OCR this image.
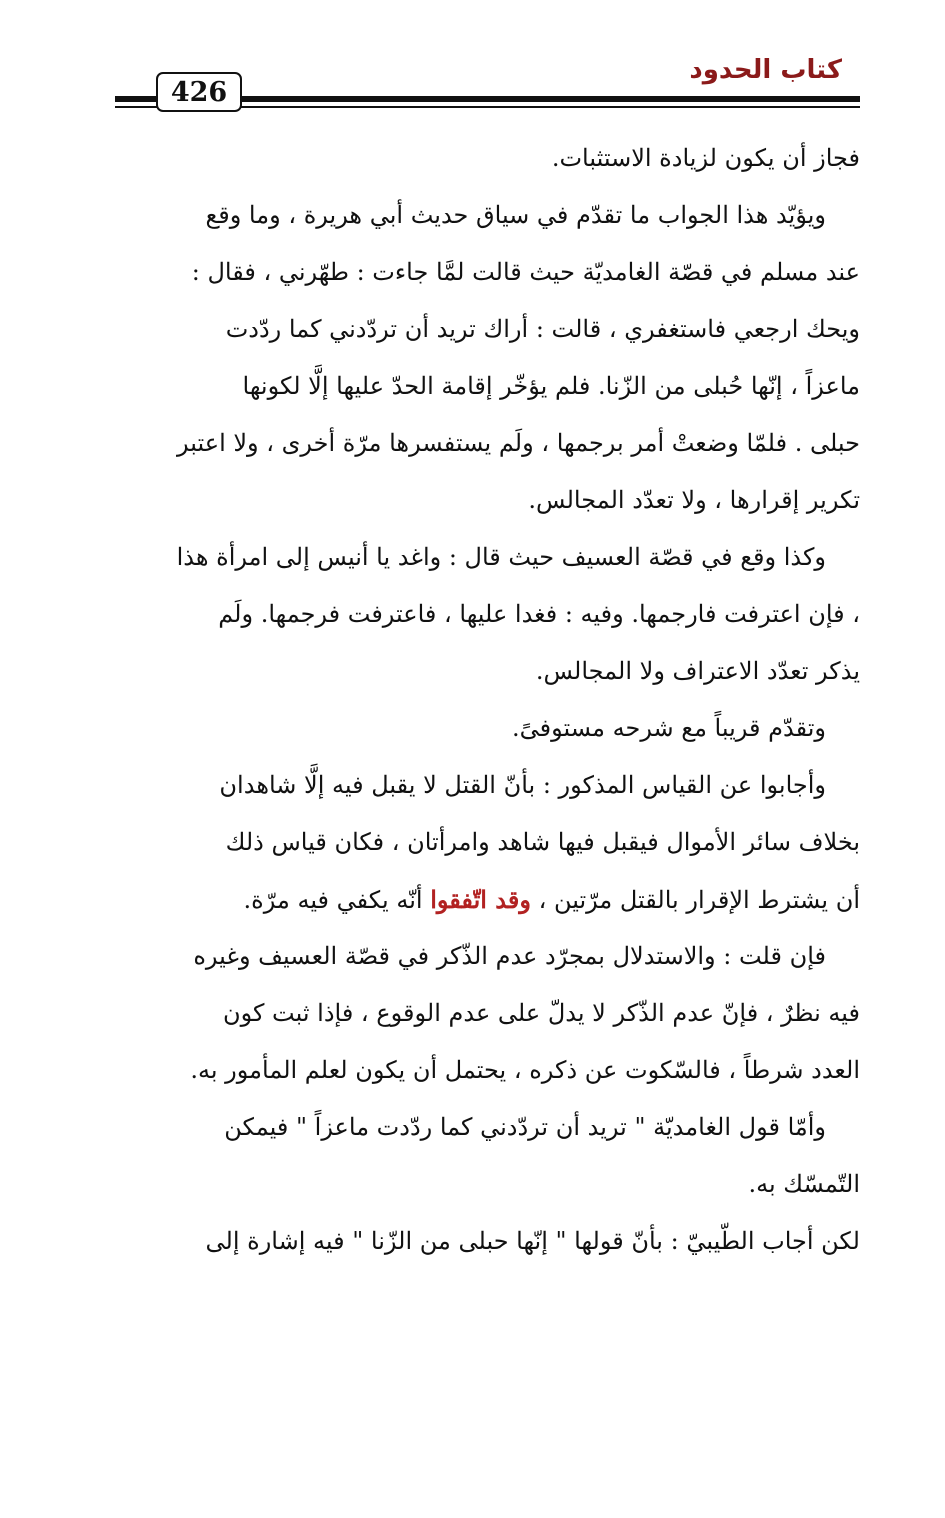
كتاب الحدود
426
فجاز أن يكون لزيادة الاستثبات.
ويؤيّد هذا الجواب ما تقدّم في سياق حديث أبي هريرة ، وما وقع
عند مسلم في قصّة الغامديّة حيث قالت لمَّا جاءت : طهّرني ، فقال :
ويحك ارجعي فاستغفري ، قالت : أراك تريد أن تردّدني كما ردّدت
ماعزاً ، إنّها حُبلى من الزّنا. فلم يؤخّر إقامة الحدّ عليها إلَّا لكونها
حبلى . فلمّا وضعتْ أمر برجمها ، ولَم يستفسرها مرّة أخرى ، ولا اعتبر
تكرير إقرارها ، ولا تعدّد المجالس.
وكذا وقع في قصّة العسيف حيث قال : واغد يا أنيس إلى امرأة هذا
، فإن اعترفت فارجمها. وفيه : فغدا عليها ، فاعترفت فرجمها. ولَم
يذكر تعدّد الاعتراف ولا المجالس.
وتقدّم قريباً مع شرحه مستوفىً.
وأجابوا عن القياس المذكور : بأنّ القتل لا يقبل فيه إلَّا شاهدان
بخلاف سائر الأموال فيقبل فيها شاهد وامرأتان ، فكان قياس ذلك
أن يشترط الإقرار بالقتل مرّتين ، وقد اتّفقوا أنّه يكفي فيه مرّة.
فإن قلت : والاستدلال بمجرّد عدم الذّكر في قصّة العسيف وغيره
فيه نظرٌ ، فإنّ عدم الذّكر لا يدلّ على عدم الوقوع ، فإذا ثبت كون
العدد شرطاً ، فالسّكوت عن ذكره ، يحتمل أن يكون لعلم المأمور به.
وأمّا قول الغامديّة " تريد أن تردّدني كما ردّدت ماعزاً " فيمكن
التّمسّك به.
لكن أجاب الطّيبيّ : بأنّ قولها " إنّها حبلى من الزّنا " فيه إشارة إلى
